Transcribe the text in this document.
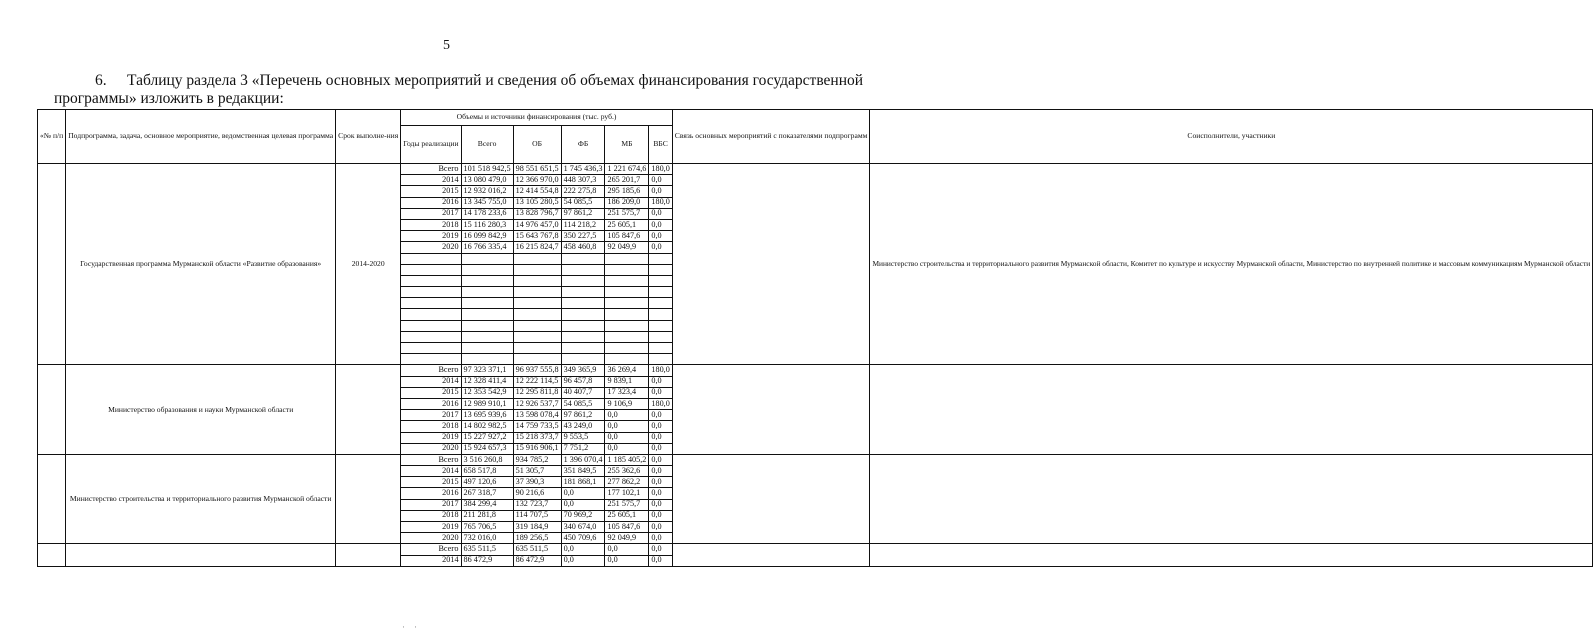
5
6. Таблицу раздела 3 «Перечень основных мероприятий и сведения об объемах финансирования государственной
программы» изложить в редакции:
«№ п/п	Подпрограмма, задача, основное мероприятие, ведомственная целевая программа	Срок выполне-ния	Объемы и источники финансирования (тыс. руб.)						Связь основных мероприятий с показателями подпрограмм	Соисполнители, участники
			Годы реализации	Всего	ОБ	ФБ	МБ	ВБС		
	Государственная программа Мурманской области «Развитие образования»	2014-2020	Всего	101 518 942,5	98 551 651,5	1 745 436,3	1 221 674,6	180,0		Министерство строительства и территориального развития Мурманской области, Комитет по культуре и искусству Мурманской области, Министерство по внутренней политике и массовым коммуникациям Мурманской области
			2014	13 080 479,0	12 366 970,0	448 307,3	265 201,7	0,0		
			2015	12 932 016,2	12 414 554,8	222 275,8	295 185,6	0,0		
			2016	13 345 755,0	13 105 280,5	54 085,5	186 209,0	180,0		
			2017	14 178 233,6	13 828 796,7	97 861,2	251 575,7	0,0		
			2018	15 116 280,3	14 976 457,0	114 218,2	25 605,1	0,0		
			2019	16 099 842,9	15 643 767,8	350 227,5	105 847,6	0,0		
			2020	16 766 335,4	16 215 824,7	458 460,8	92 049,9	0,0		

	Министерство образования и науки Мурманской области		Всего	97 323 371,1	96 937 555,8	349 365,9	36 269,4	180,0		
			2014	12 328 411,4	12 222 114,5	96 457,8	9 839,1	0,0		
			2015	12 353 542,9	12 295 811,8	40 407,7	17 323,4	0,0		
			2016	12 989 910,1	12 926 537,7	54 085,5	9 106,9	180,0		
			2017	13 695 939,6	13 598 078,4	97 861,2	0,0	0,0		
			2018	14 802 982,5	14 759 733,5	43 249,0	0,0	0,0		
			2019	15 227 927,2	15 218 373,7	9 553,5	0,0	0,0		
			2020	15 924 657,3	15 916 906,1	7 751,2	0,0	0,0		
	Министерство строительства и территориального развития Мурманской области		Всего	3 516 260,8	934 785,2	1 396 070,4	1 185 405,2	0,0		
			2014	658 517,8	51 305,7	351 849,5	255 362,6	0,0		
			2015	497 120,6	37 390,3	181 868,1	277 862,2	0,0		
			2016	267 318,7	90 216,6	0,0	177 102,1	0,0		
			2017	384 299,4	132 723,7	0,0	251 575,7	0,0		
			2018	211 281,8	114 707,5	70 969,2	25 605,1	0,0		
			2019	765 706,5	319 184,9	340 674,0	105 847,6	0,0		
			2020	732 016,0	189 256,5	450 709,6	92 049,9	0,0		
			Всего	635 511,5	635 511,5	0,0	0,0	0,0		
			2014	86 472,9	86 472,9	0,0	0,0	0,0		
·    ·
